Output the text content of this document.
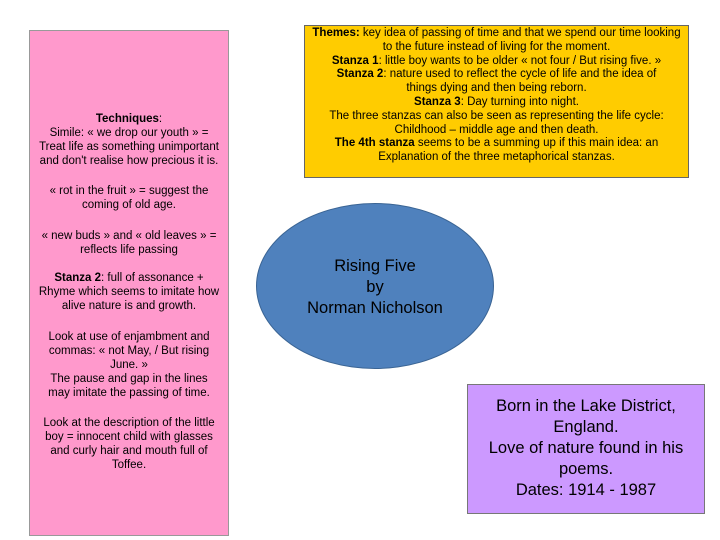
Techniques:

Simile: « we drop our youth » =

Treat life as something unimportant

and don't realise how precious it is.

« rot in the fruit » = suggest the

coming of old age.

« new buds » and « old leaves » =

reflects life passing

Stanza 2: full of assonance +

Rhyme which seems to imitate how

alive nature is and growth.

Look at use of enjambment and

commas: « not May, / But rising

June. »

The pause and gap in the lines

may imitate the passing of time.

Look at the description of the little

boy = innocent child with glasses

and curly hair and mouth full of

Toffee.

Themes: key idea of passing of time and that we spend our time looking

to the future instead of living for the moment.

Stanza 1: little boy wants to be older « not four / But rising five. »

Stanza 2: nature used to reflect the cycle of life and the idea of

things dying and then being reborn.

Stanza 3: Day turning into night.

The three stanzas can also be seen as representing the life cycle:

Childhood – middle age and then death.

The 4th stanza seems to be a summing up if this main idea: an

Explanation of the three metaphorical stanzas.

Rising Five

by

Norman Nicholson

Born in the Lake District,

England.

Love of nature found in his

poems.

Dates: 1914 - 1987
